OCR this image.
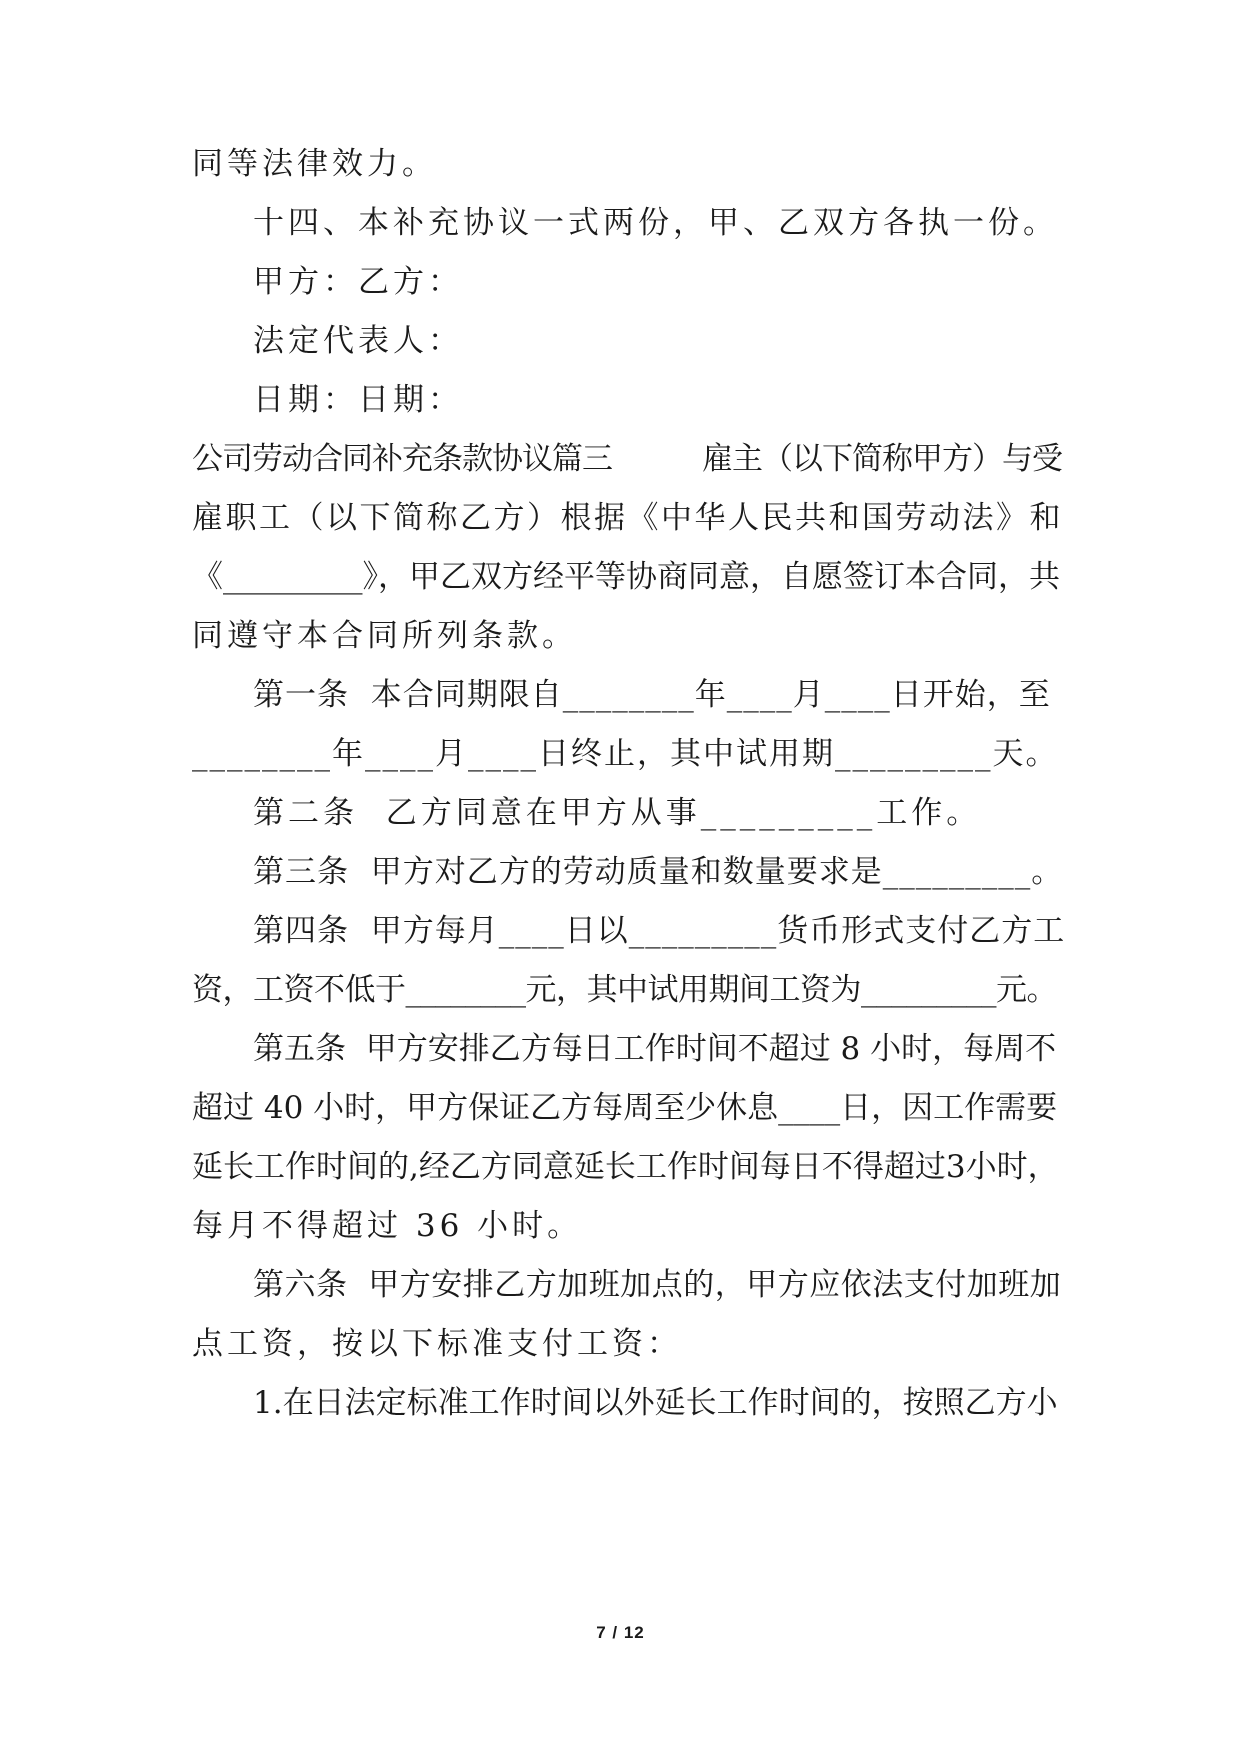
同等法律效力。
十四、本补充协议一式两份，甲、乙双方各执一份。
甲方：乙方：
法定代表人：
日期：日期：
公司劳动合同补充条款协议篇三　　　雇主（以下简称甲方）与受
雇职工（以下简称乙方）根据《中华人民共和国劳动法》和
《_________》，甲乙双方经平等协商同意，自愿签订本合同，共
同遵守本合同所列条款。
第一条  本合同期限自________年____月____日开始，至
________年____月____日终止，其中试用期_________天。
第二条  乙方同意在甲方从事_________工作。
第三条  甲方对乙方的劳动质量和数量要求是_________。
第四条  甲方每月____日以_________货币形式支付乙方工
资，工资不低于________元，其中试用期间工资为_________元。
第五条  甲方安排乙方每日工作时间不超过 8 小时，每周不
超过 40 小时，甲方保证乙方每周至少休息____日，因工作需要
延长工作时间的,经乙方同意延长工作时间每日不得超过3小时，
每月不得超过 36 小时。
第六条  甲方安排乙方加班加点的，甲方应依法支付加班加
点工资，按以下标准支付工资：
1.在日法定标准工作时间以外延长工作时间的，按照乙方小
7 / 12
